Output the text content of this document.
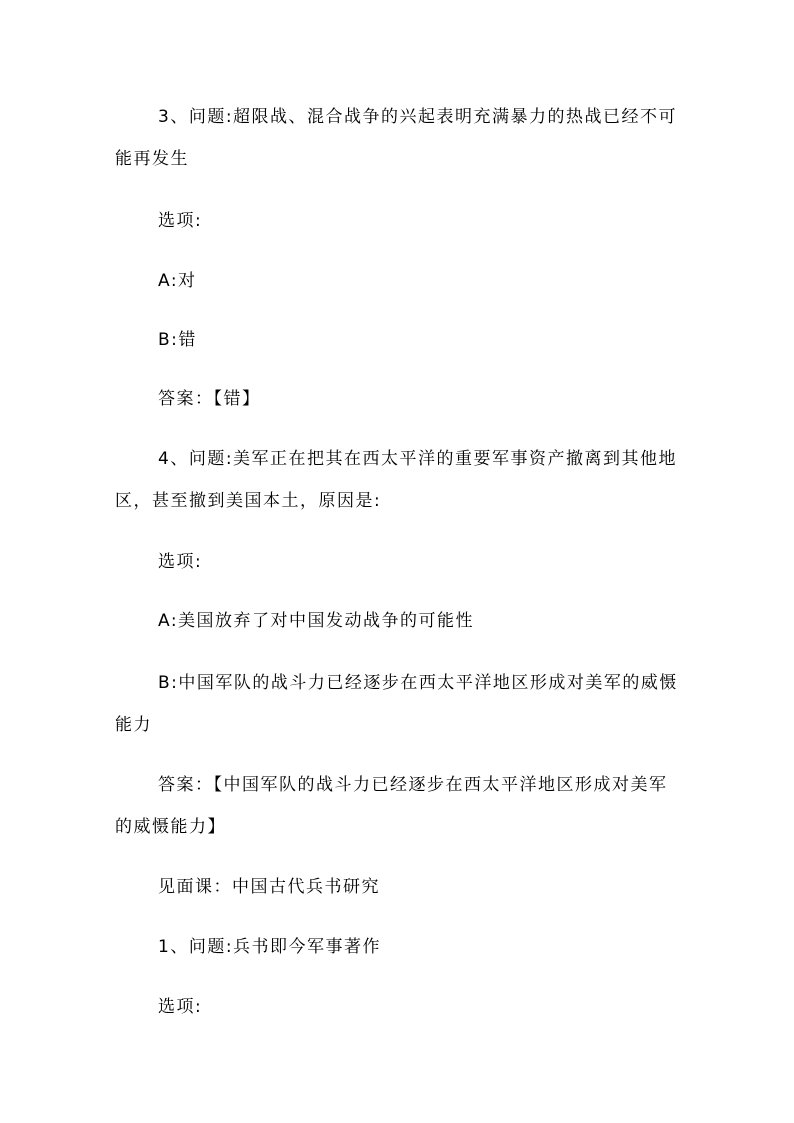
3、问题:超限战、混合战争的兴起表明充满暴力的热战已经不可能再发生

选项:

A:对

B:错

答案：【错】

4、问题:美军正在把其在西太平洋的重要军事资产撤离到其他地区，甚至撤到美国本土，原因是:

选项:

A:美国放弃了对中国发动战争的可能性

B:中国军队的战斗力已经逐步在西太平洋地区形成对美军的威慑能力

答案：【中国军队的战斗力已经逐步在西太平洋地区形成对美军的威慑能力】

见面课：中国古代兵书研究

1、问题:兵书即今军事著作

选项:
